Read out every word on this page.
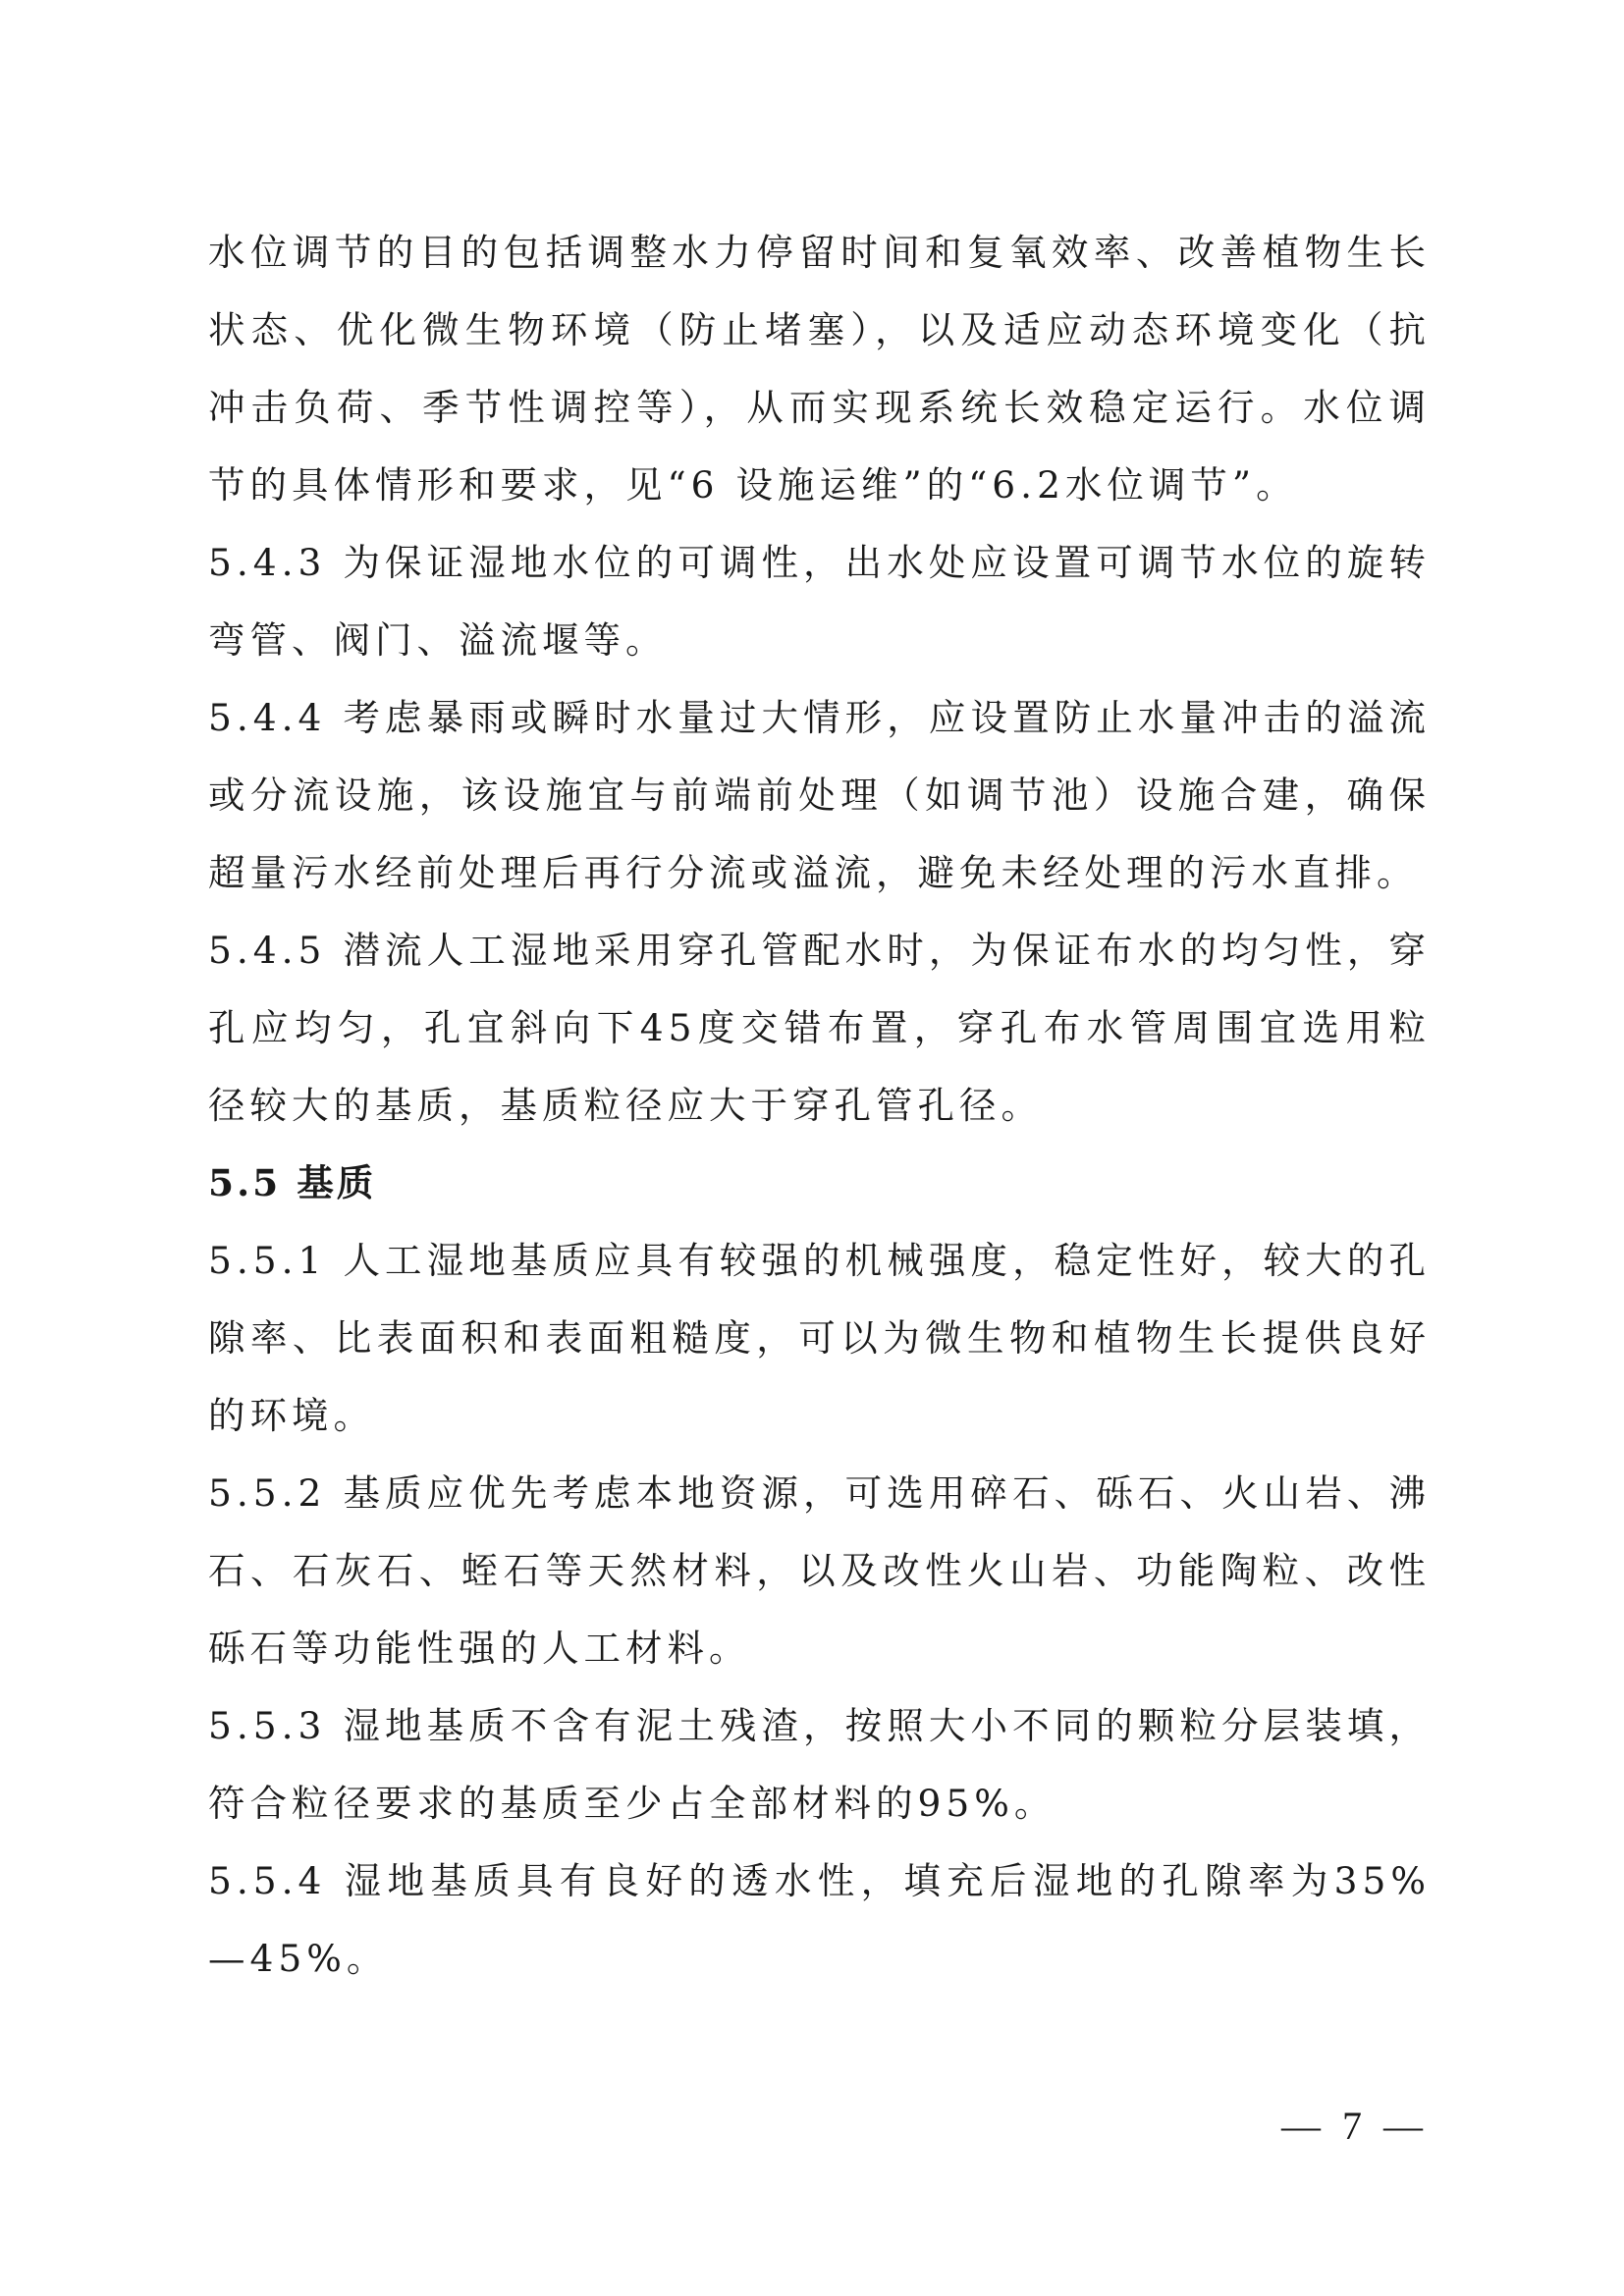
水位调节的目的包括调整水力停留时间和复氧效率、改善植物生长状态、优化微生物环境（防止堵塞），以及适应动态环境变化（抗冲击负荷、季节性调控等），从而实现系统长效稳定运行。水位调节的具体情形和要求，见“6 设施运维”的“6.2水位调节”。

5.4.3 为保证湿地水位的可调性，出水处应设置可调节水位的旋转弯管、阀门、溢流堰等。

5.4.4 考虑暴雨或瞬时水量过大情形，应设置防止水量冲击的溢流或分流设施，该设施宜与前端前处理（如调节池）设施合建，确保超量污水经前处理后再行分流或溢流，避免未经处理的污水直排。

5.4.5 潜流人工湿地采用穿孔管配水时，为保证布水的均匀性，穿孔应均匀，孔宜斜向下45度交错布置，穿孔布水管周围宜选用粒径较大的基质，基质粒径应大于穿孔管孔径。

5.5 基质

5.5.1 人工湿地基质应具有较强的机械强度，稳定性好，较大的孔隙率、比表面积和表面粗糙度，可以为微生物和植物生长提供良好的环境。

5.5.2 基质应优先考虑本地资源，可选用碎石、砾石、火山岩、沸石、石灰石、蛭石等天然材料，以及改性火山岩、功能陶粒、改性砾石等功能性强的人工材料。

5.5.3 湿地基质不含有泥土残渣，按照大小不同的颗粒分层装填，符合粒径要求的基质至少占全部材料的95%。

5.5.4 湿地基质具有良好的透水性，填充后湿地的孔隙率为35%—45%。

— 7 —
